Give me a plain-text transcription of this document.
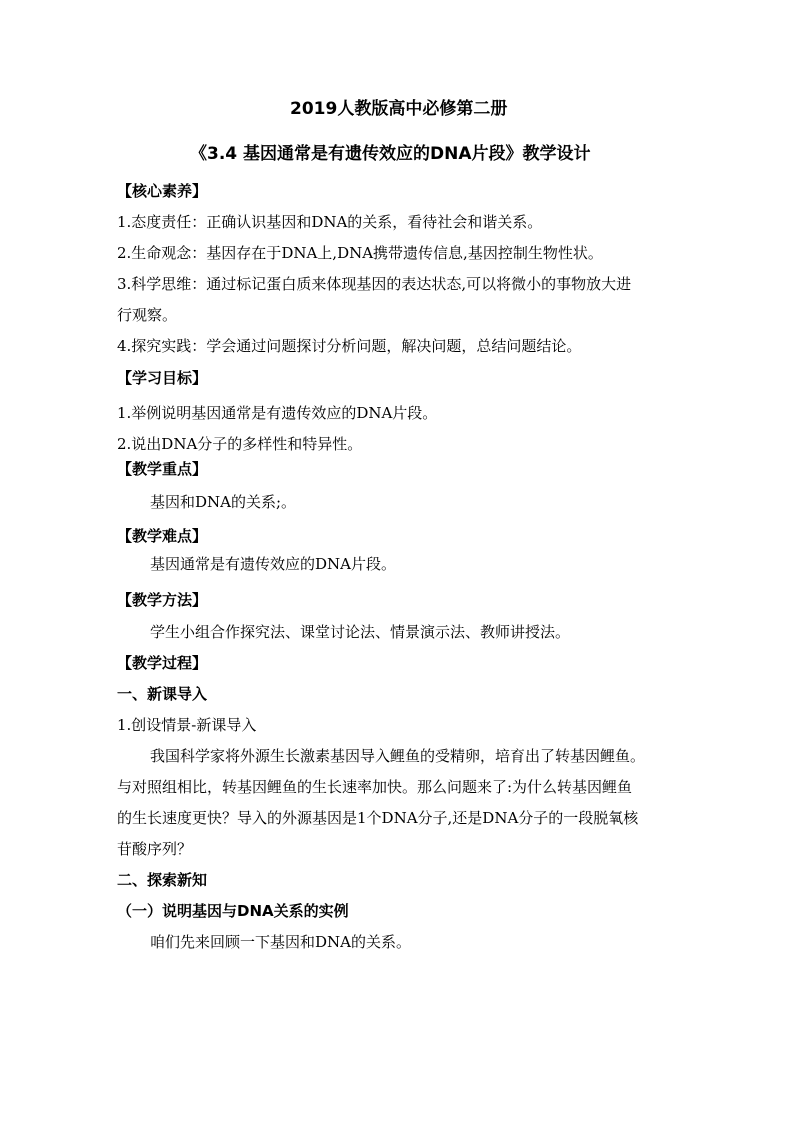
2019人教版高中必修第二册
《3.4 基因通常是有遗传效应的DNA片段》教学设计
【核心素养】
1.态度责任：正确认识基因和DNA的关系，看待社会和谐关系。
2.生命观念：基因存在于DNA上,DNA携带遗传信息,基因控制生物性状。
3.科学思维：通过标记蛋白质来体现基因的表达状态,可以将微小的事物放大进
行观察。
4.探究实践：学会通过问题探讨分析问题，解决问题，总结问题结论。
【学习目标】
1.举例说明基因通常是有遗传效应的DNA片段。
2.说出DNA分子的多样性和特异性。
【教学重点】
基因和DNA的关系;。
【教学难点】
基因通常是有遗传效应的DNA片段。
【教学方法】
学生小组合作探究法、课堂讨论法、情景演示法、教师讲授法。
【教学过程】
一、新课导入
1.创设情景-新课导入
我国科学家将外源生长激素基因导入鲤鱼的受精卵，培育出了转基因鲤鱼。
与对照组相比，转基因鲤鱼的生长速率加快。那么问题来了:为什么转基因鲤鱼
的生长速度更快？导入的外源基因是1个DNA分子,还是DNA分子的一段脱氧核
苷酸序列？
二、探索新知
（一）说明基因与DNA关系的实例
咱们先来回顾一下基因和DNA的关系。
